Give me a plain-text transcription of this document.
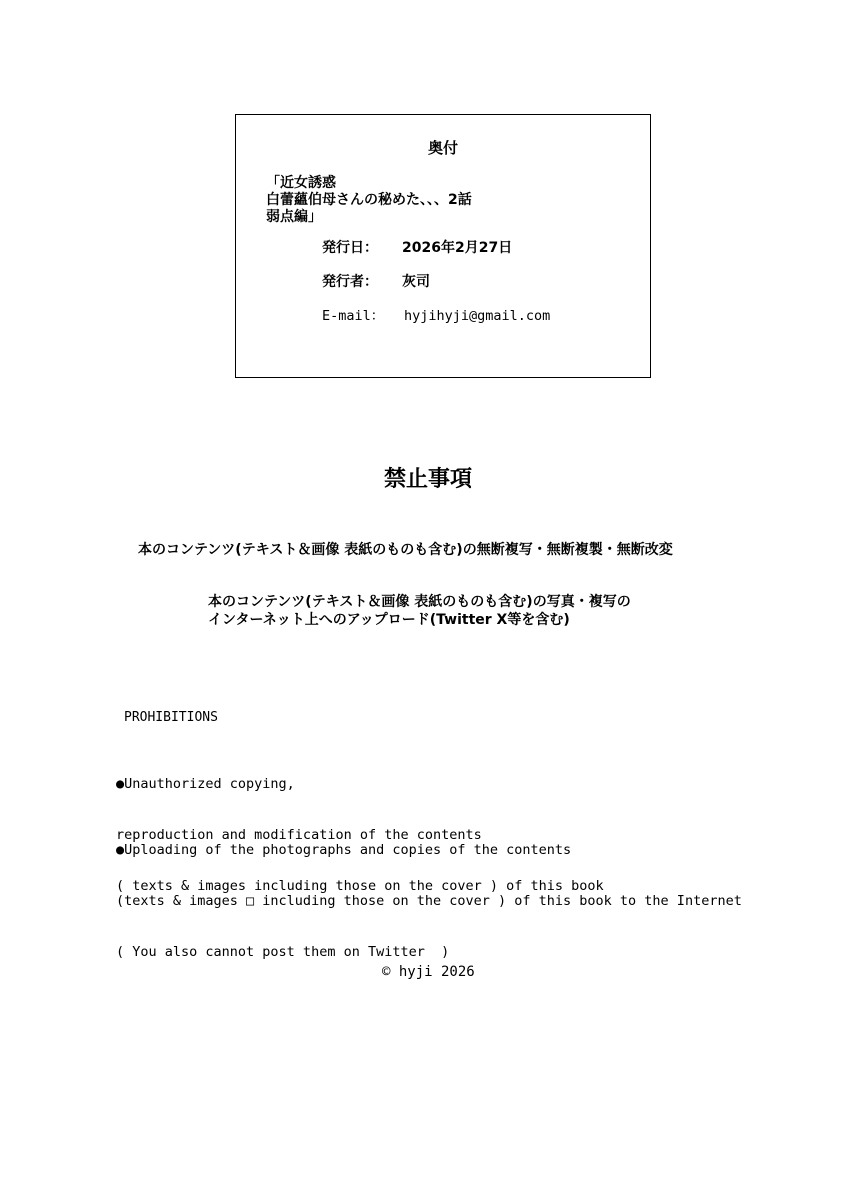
奥付
「近女誘惑
白蕾蘊伯母さんの秘めた、、、2話
弱点編」
発行日： 2026年2月27日
発行者： 灰司
E-mail： hyjihyji@gmail.com
禁止事項
本のコンテンツ(テキスト＆画像 表紙のものも含む)の無断複写・無断複製・無断改変
本のコンテンツ(テキスト＆画像 表紙のものも含む)の写真・複写の
インターネット上へのアップロード(Twitter X等を含む)
PROHIBITIONS

●Unauthorized copying,

reproduction and modification of the contents

( texts & images including those on the cover ) of this book

●Uploading of the photographs and copies of the contents

(texts & images □ including those on the cover ) of this book to the Internet

( You also cannot post them on Twitter  )

© hyji 2026
